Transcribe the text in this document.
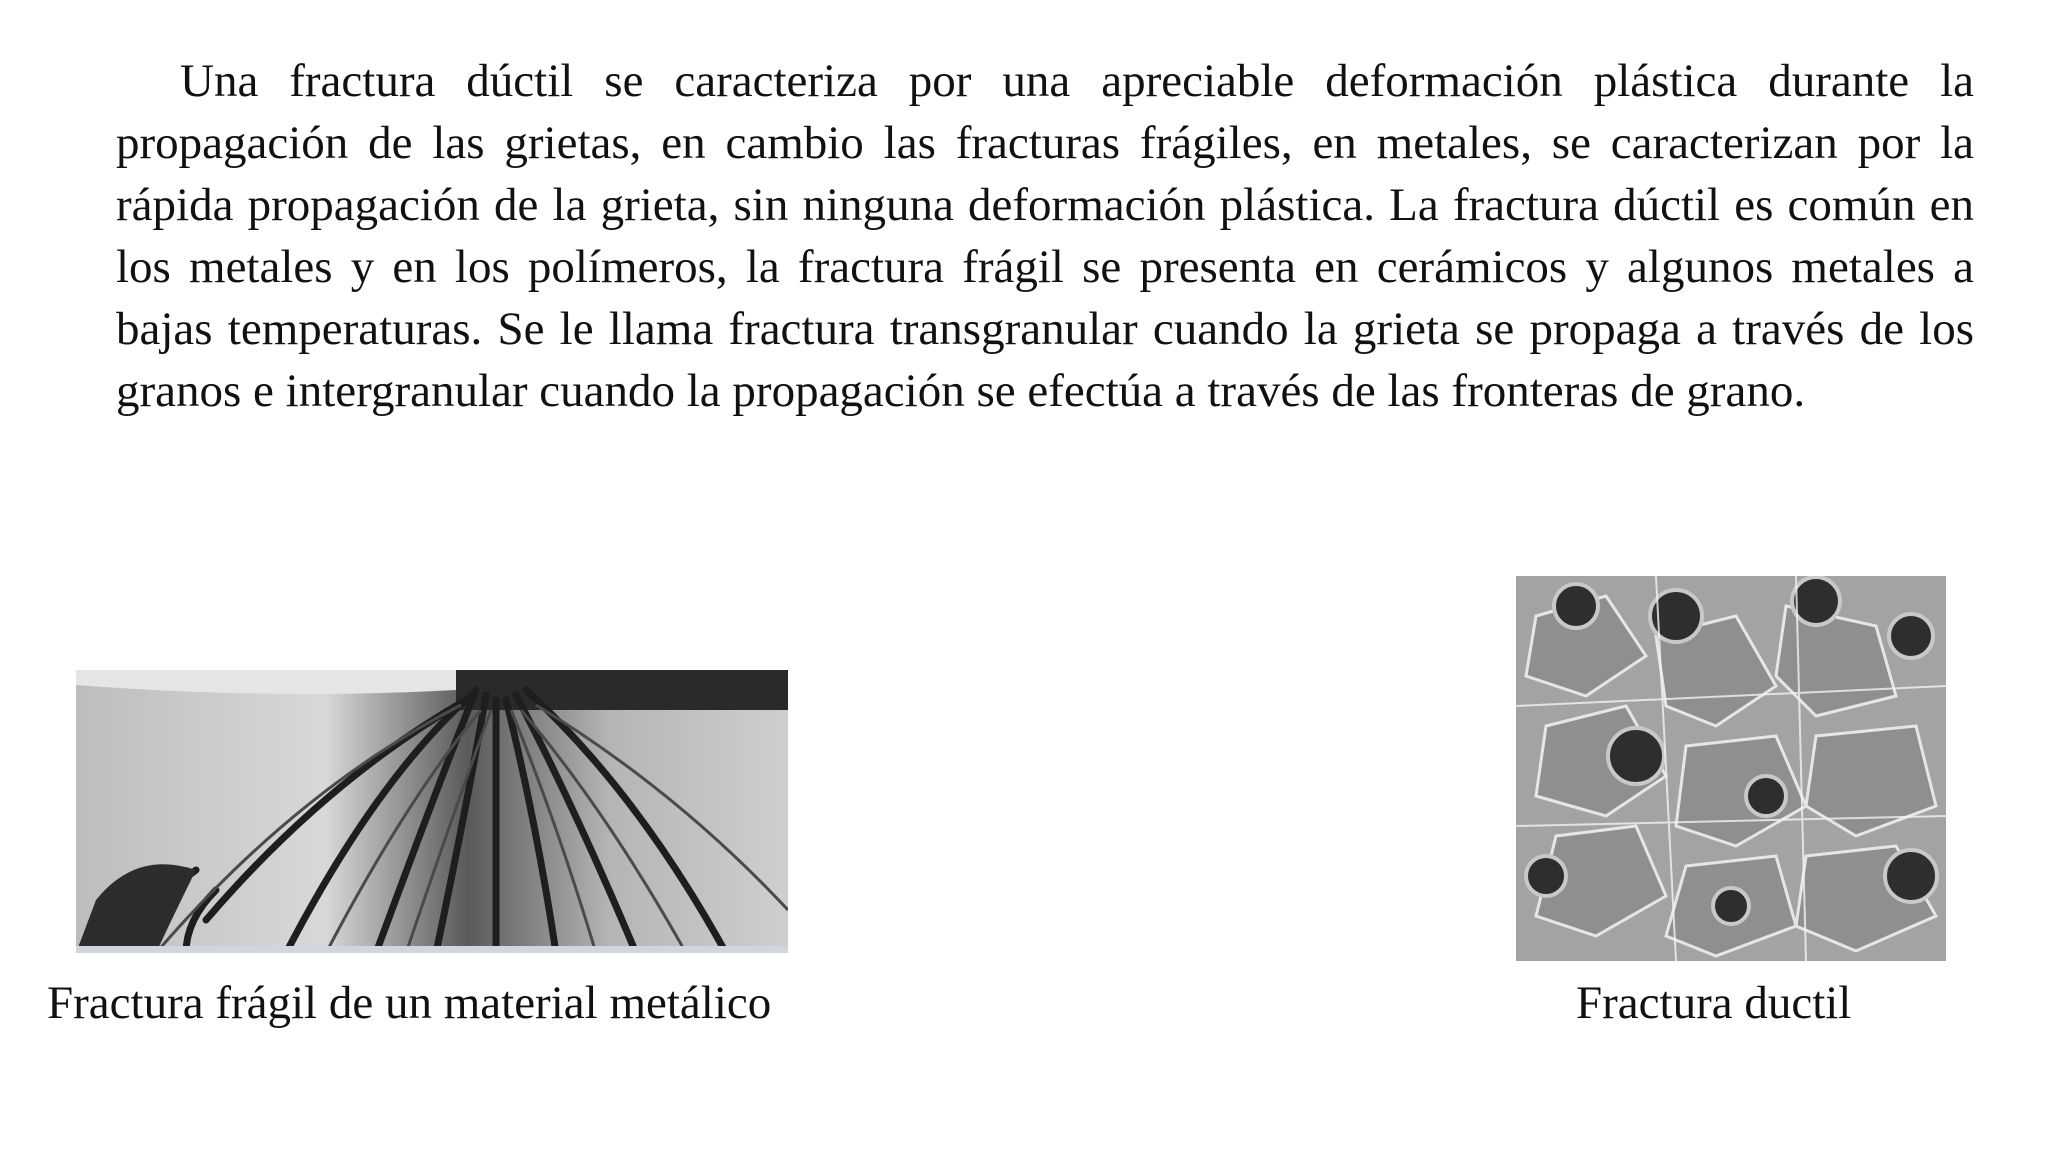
Una fractura dúctil se caracteriza por una apreciable deformación plástica durante la propagación de las grietas, en cambio las fracturas frágiles, en metales, se caracterizan por la rápida propagación de la grieta, sin ninguna deformación plástica. La fractura dúctil es común en los metales y en los polímeros, la fractura frágil se presenta en cerámicos y algunos metales a bajas temperaturas. Se le llama fractura transgranular cuando la grieta se propaga a través de los granos e intergranular cuando la propagación se efectúa a través de las fronteras de grano.

Fractura frágil de un material metálico	Fractura ductil
